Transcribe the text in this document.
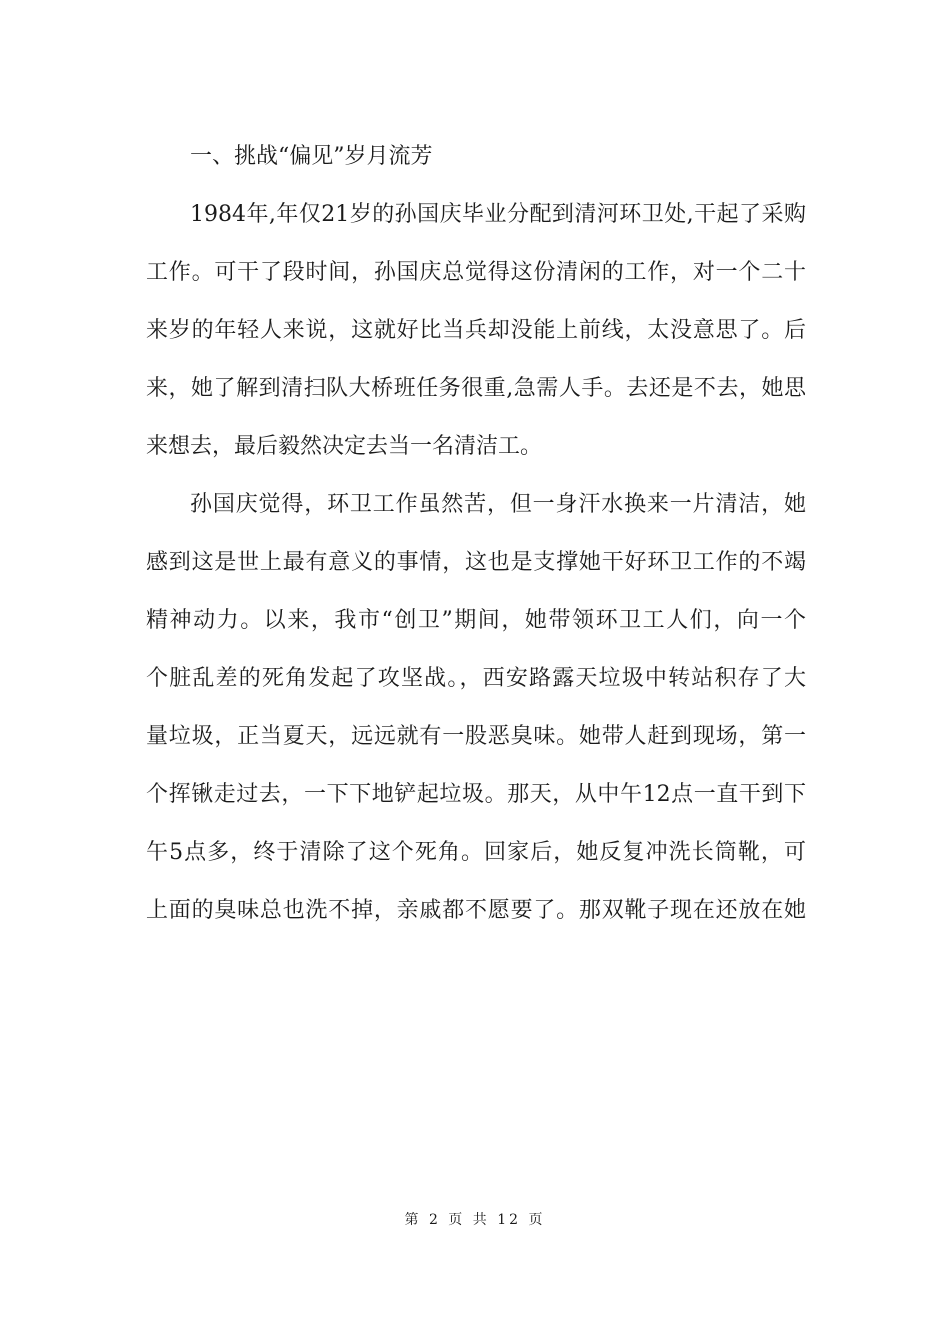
一、挑战“偏见”岁月流芳
1984年,年仅21岁的孙国庆毕业分配到清河环卫处,干起了采购
工作。可干了段时间，孙国庆总觉得这份清闲的工作，对一个二十
来岁的年轻人来说，这就好比当兵却没能上前线，太没意思了。后
来，她了解到清扫队大桥班任务很重,急需人手。去还是不去，她思
来想去，最后毅然决定去当一名清洁工。
孙国庆觉得，环卫工作虽然苦，但一身汗水换来一片清洁，她
感到这是世上最有意义的事情，这也是支撑她干好环卫工作的不竭
精神动力。以来，我市“创卫”期间，她带领环卫工人们，向一个
个脏乱差的死角发起了攻坚战。，西安路露天垃圾中转站积存了大
量垃圾，正当夏天，远远就有一股恶臭味。她带人赶到现场，第一
个挥锹走过去，一下下地铲起垃圾。那天，从中午12点一直干到下
午5点多，终于清除了这个死角。回家后，她反复冲洗长筒靴，可
上面的臭味总也洗不掉，亲戚都不愿要了。那双靴子现在还放在她
第 2 页 共 12 页
